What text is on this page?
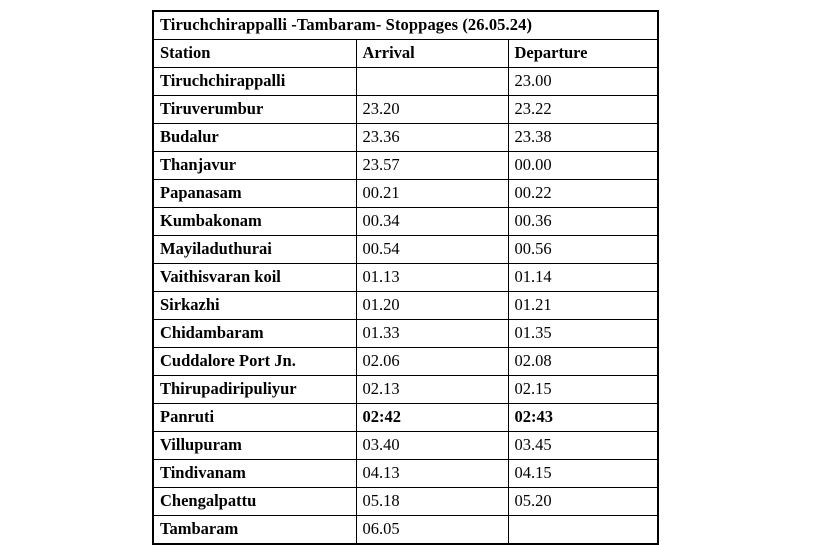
Tiruchchirappalli -Tambaram- Stoppages (26.05.24)		
Station	Arrival	Departure
Tiruchchirappalli		23.00
Tiruverumbur	23.20	23.22
Budalur	23.36	23.38
Thanjavur	23.57	00.00
Papanasam	00.21	00.22
Kumbakonam	00.34	00.36
Mayiladuthurai	00.54	00.56
Vaithisvaran koil	01.13	01.14
Sirkazhi	01.20	01.21
Chidambaram	01.33	01.35
Cuddalore Port Jn.	02.06	02.08
Thirupadiripuliyur	02.13	02.15
Panruti	02:42	02:43
Villupuram	03.40	03.45
Tindivanam	04.13	04.15
Chengalpattu	05.18	05.20
Tambaram	06.05	
